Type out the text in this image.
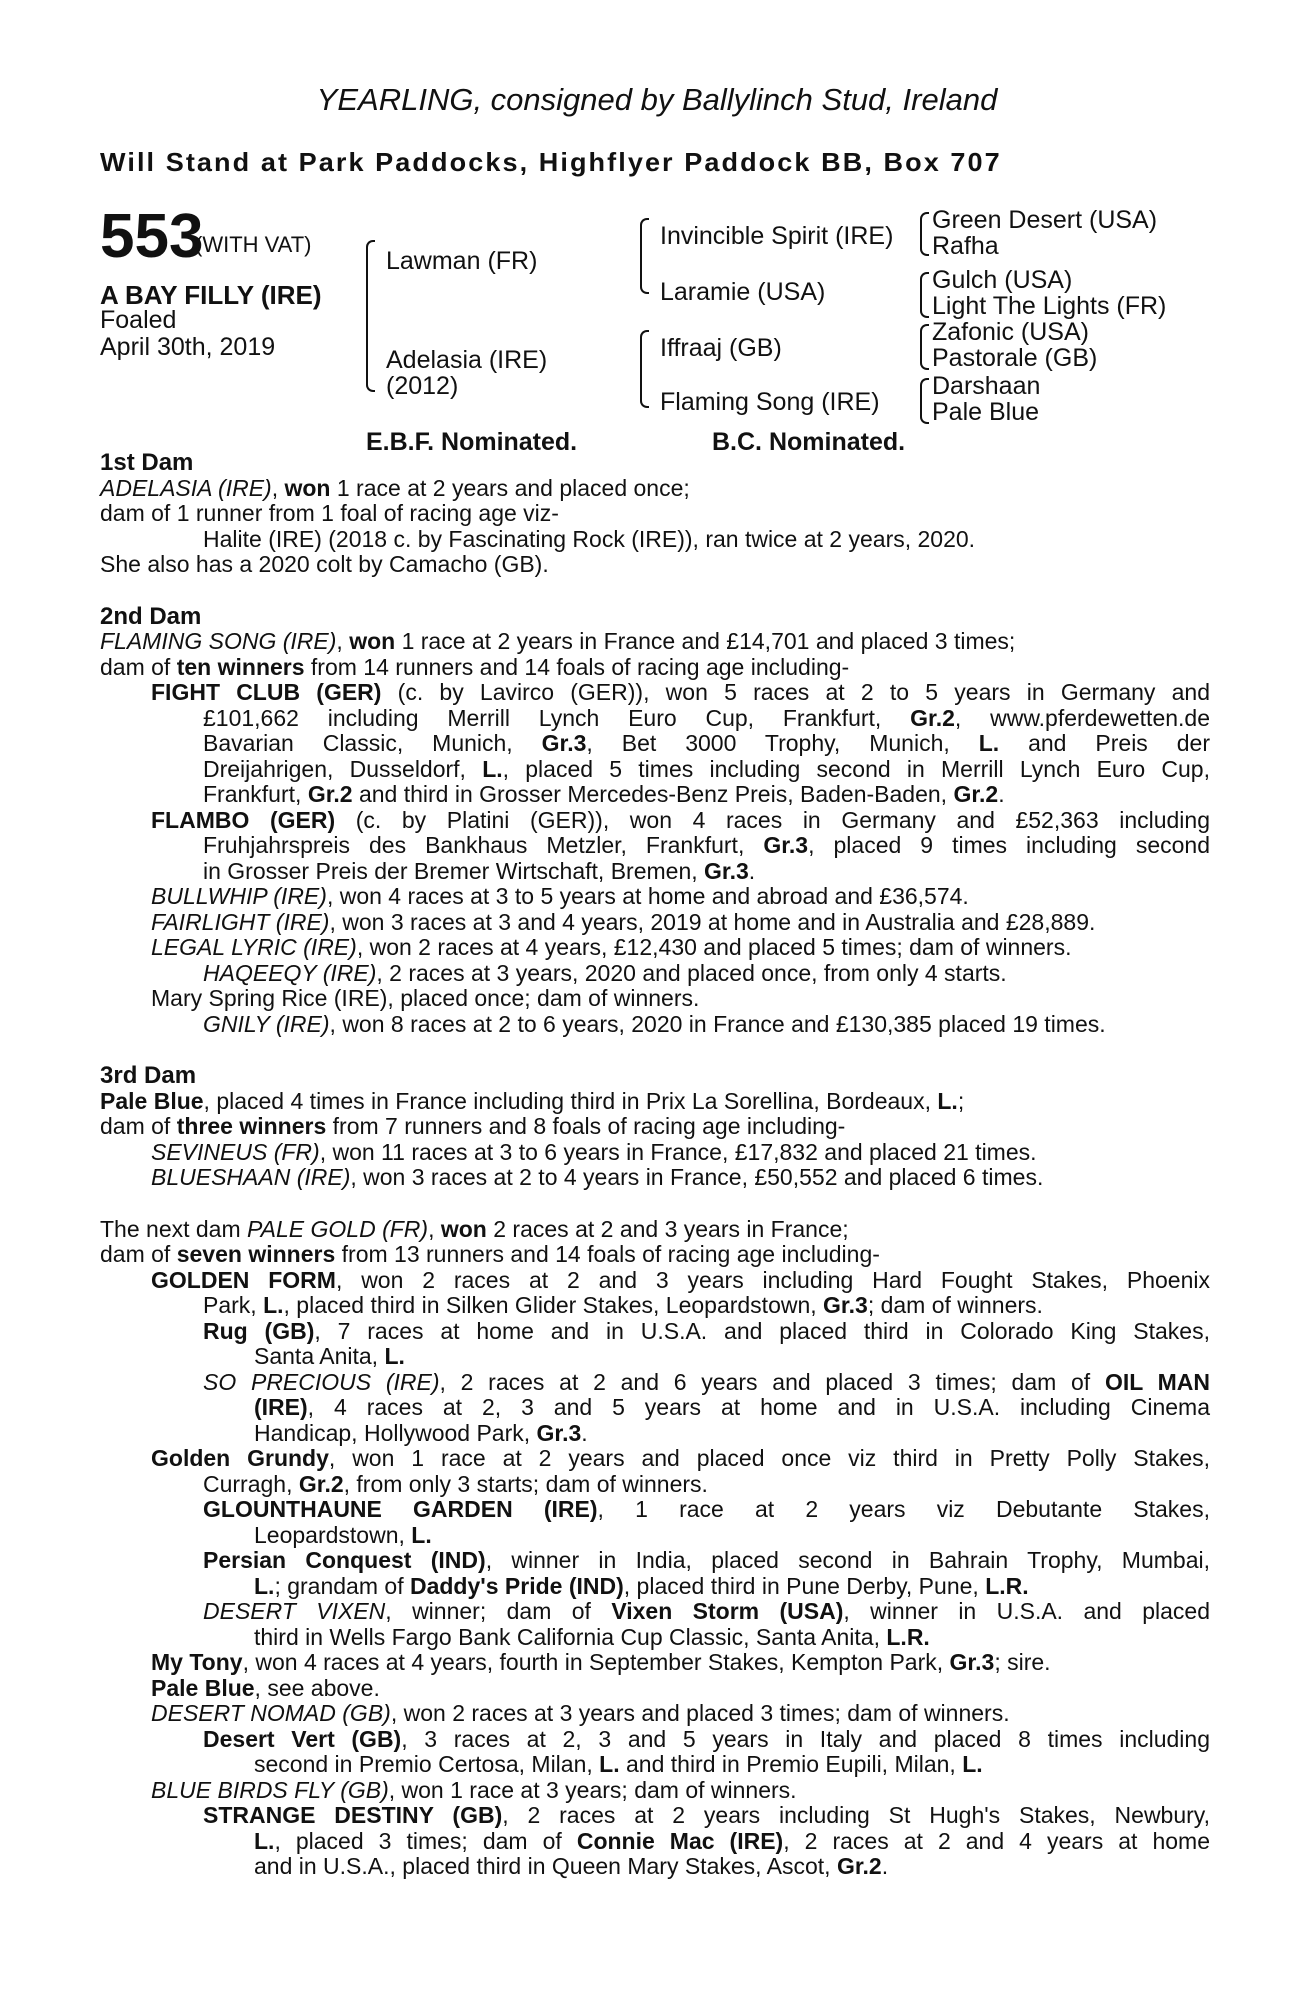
YEARLING, consigned by Ballylinch Stud, Ireland
Will Stand at Park Paddocks, Highflyer Paddock BB, Box 707
553
(WITH VAT)
A BAY FILLY (IRE)
Foaled
April 30th, 2019
Lawman (FR)
Adelasia (IRE)
(2012)
Invincible Spirit (IRE)
Laramie (USA)
Iffraaj (GB)
Flaming Song (IRE)
Green Desert (USA)
Rafha
Gulch (USA)
Light The Lights (FR)
Zafonic (USA)
Pastorale (GB)
Darshaan
Pale Blue
E.B.F. Nominated.	B.C. Nominated.
1st Dam
ADELASIA (IRE), won 1 race at 2 years and placed once;
dam of 1 runner from 1 foal of racing age viz-
Halite (IRE) (2018 c. by Fascinating Rock (IRE)), ran twice at 2 years, 2020.
She also has a 2020 colt by Camacho (GB).
2nd Dam
FLAMING SONG (IRE), won 1 race at 2 years in France and £14,701 and placed 3 times;
dam of ten winners from 14 runners and 14 foals of racing age including-
FIGHT CLUB (GER) (c. by Lavirco (GER)), won 5 races at 2 to 5 years in Germany and
£101,662 including Merrill Lynch Euro Cup, Frankfurt, Gr.2, www.pferdewetten.de
Bavarian Classic, Munich, Gr.3, Bet 3000 Trophy, Munich, L. and Preis der
Dreijahrigen, Dusseldorf, L., placed 5 times including second in Merrill Lynch Euro Cup,
Frankfurt, Gr.2 and third in Grosser Mercedes-Benz Preis, Baden-Baden, Gr.2.
FLAMBO (GER) (c. by Platini (GER)), won 4 races in Germany and £52,363 including
Fruhjahrspreis des Bankhaus Metzler, Frankfurt, Gr.3, placed 9 times including second
in Grosser Preis der Bremer Wirtschaft, Bremen, Gr.3.
BULLWHIP (IRE), won 4 races at 3 to 5 years at home and abroad and £36,574.
FAIRLIGHT (IRE), won 3 races at 3 and 4 years, 2019 at home and in Australia and £28,889.
LEGAL LYRIC (IRE), won 2 races at 4 years, £12,430 and placed 5 times; dam of winners.
HAQEEQY (IRE), 2 races at 3 years, 2020 and placed once, from only 4 starts.
Mary Spring Rice (IRE), placed once; dam of winners.
GNILY (IRE), won 8 races at 2 to 6 years, 2020 in France and £130,385 placed 19 times.
3rd Dam
Pale Blue, placed 4 times in France including third in Prix La Sorellina, Bordeaux, L.;
dam of three winners from 7 runners and 8 foals of racing age including-
SEVINEUS (FR), won 11 races at 3 to 6 years in France, £17,832 and placed 21 times.
BLUESHAAN (IRE), won 3 races at 2 to 4 years in France, £50,552 and placed 6 times.
The next dam PALE GOLD (FR), won 2 races at 2 and 3 years in France;
dam of seven winners from 13 runners and 14 foals of racing age including-
GOLDEN FORM, won 2 races at 2 and 3 years including Hard Fought Stakes, Phoenix
Park, L., placed third in Silken Glider Stakes, Leopardstown, Gr.3; dam of winners.
Rug (GB), 7 races at home and in U.S.A. and placed third in Colorado King Stakes,
Santa Anita, L.
SO PRECIOUS (IRE), 2 races at 2 and 6 years and placed 3 times; dam of OIL MAN
(IRE), 4 races at 2, 3 and 5 years at home and in U.S.A. including Cinema
Handicap, Hollywood Park, Gr.3.
Golden Grundy, won 1 race at 2 years and placed once viz third in Pretty Polly Stakes,
Curragh, Gr.2, from only 3 starts; dam of winners.
GLOUNTHAUNE GARDEN (IRE), 1 race at 2 years viz Debutante Stakes,
Leopardstown, L.
Persian Conquest (IND), winner in India, placed second in Bahrain Trophy, Mumbai,
L.; grandam of Daddy's Pride (IND), placed third in Pune Derby, Pune, L.R.
DESERT VIXEN, winner; dam of Vixen Storm (USA), winner in U.S.A. and placed
third in Wells Fargo Bank California Cup Classic, Santa Anita, L.R.
My Tony, won 4 races at 4 years, fourth in September Stakes, Kempton Park, Gr.3; sire.
Pale Blue, see above.
DESERT NOMAD (GB), won 2 races at 3 years and placed 3 times; dam of winners.
Desert Vert (GB), 3 races at 2, 3 and 5 years in Italy and placed 8 times including
second in Premio Certosa, Milan, L. and third in Premio Eupili, Milan, L.
BLUE BIRDS FLY (GB), won 1 race at 3 years; dam of winners.
STRANGE DESTINY (GB), 2 races at 2 years including St Hugh's Stakes, Newbury,
L., placed 3 times; dam of Connie Mac (IRE), 2 races at 2 and 4 years at home
and in U.S.A., placed third in Queen Mary Stakes, Ascot, Gr.2.
